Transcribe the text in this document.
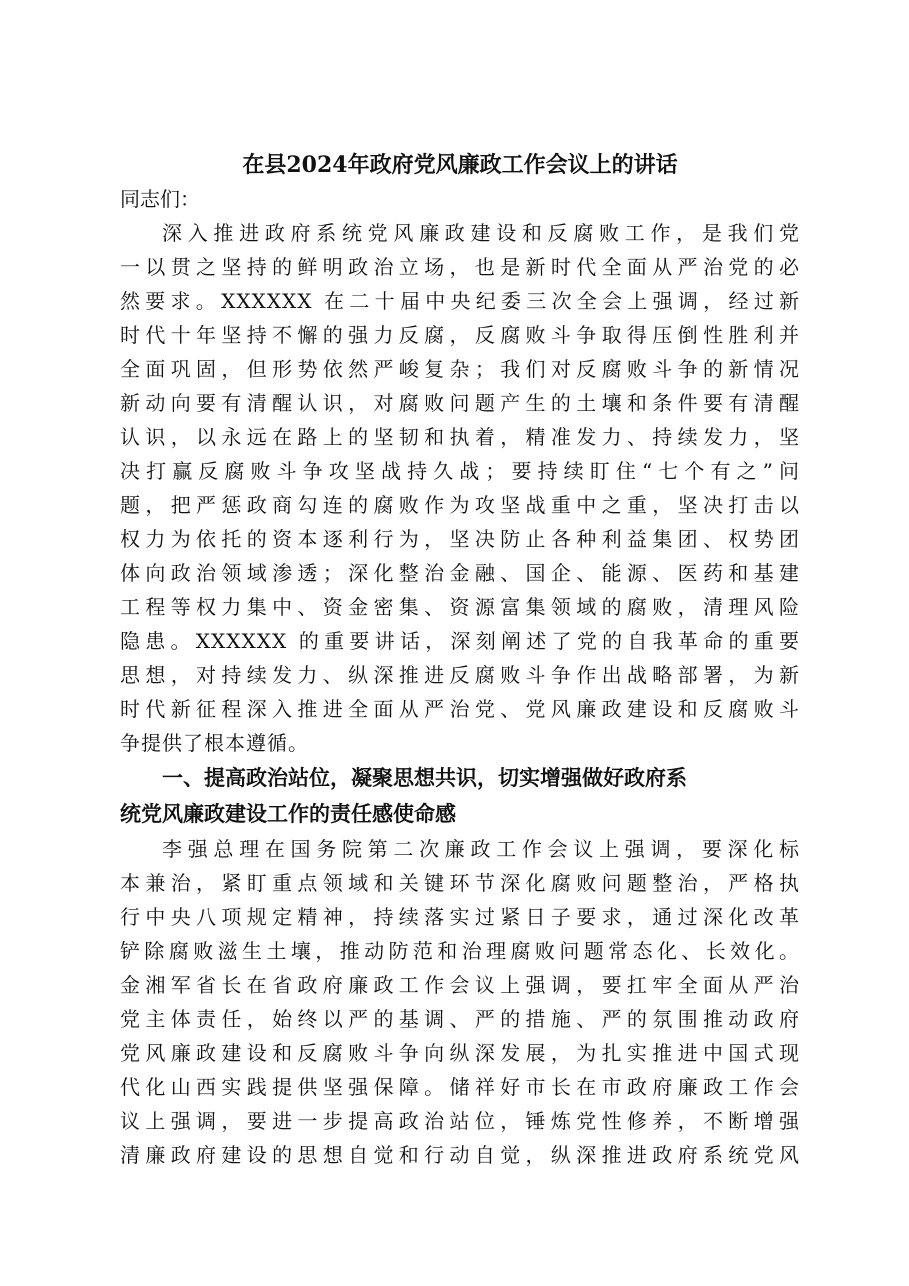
在县2024年政府党风廉政工作会议上的讲话

同志们：

深入推进政府系统党风廉政建设和反腐败工作，是我们党
一以贯之坚持的鲜明政治立场，也是新时代全面从严治党的必
然要求。XXXXXX 在二十届中央纪委三次全会上强调，经过新
时代十年坚持不懈的强力反腐，反腐败斗争取得压倒性胜利并
全面巩固，但形势依然严峻复杂；我们对反腐败斗争的新情况
新动向要有清醒认识，对腐败问题产生的土壤和条件要有清醒
认识，以永远在路上的坚韧和执着，精准发力、持续发力，坚
决打赢反腐败斗争攻坚战持久战；要持续盯住“七个有之”问
题，把严惩政商勾连的腐败作为攻坚战重中之重，坚决打击以
权力为依托的资本逐利行为，坚决防止各种利益集团、权势团
体向政治领域渗透；深化整治金融、国企、能源、医药和基建
工程等权力集中、资金密集、资源富集领域的腐败，清理风险
隐患。XXXXXX 的重要讲话，深刻阐述了党的自我革命的重要
思想，对持续发力、纵深推进反腐败斗争作出战略部署，为新
时代新征程深入推进全面从严治党、党风廉政建设和反腐败斗
争提供了根本遵循。
一、提高政治站位，凝聚思想共识，切实增强做好政府系
统党风廉政建设工作的责任感使命感
李强总理在国务院第二次廉政工作会议上强调，要深化标
本兼治，紧盯重点领域和关键环节深化腐败问题整治，严格执
行中央八项规定精神，持续落实过紧日子要求，通过深化改革
铲除腐败滋生土壤，推动防范和治理腐败问题常态化、长效化。
金湘军省长在省政府廉政工作会议上强调，要扛牢全面从严治
党主体责任，始终以严的基调、严的措施、严的氛围推动政府
党风廉政建设和反腐败斗争向纵深发展，为扎实推进中国式现
代化山西实践提供坚强保障。储祥好市长在市政府廉政工作会
议上强调，要进一步提高政治站位，锤炼党性修养，不断增强
清廉政府建设的思想自觉和行动自觉，纵深推进政府系统党风
